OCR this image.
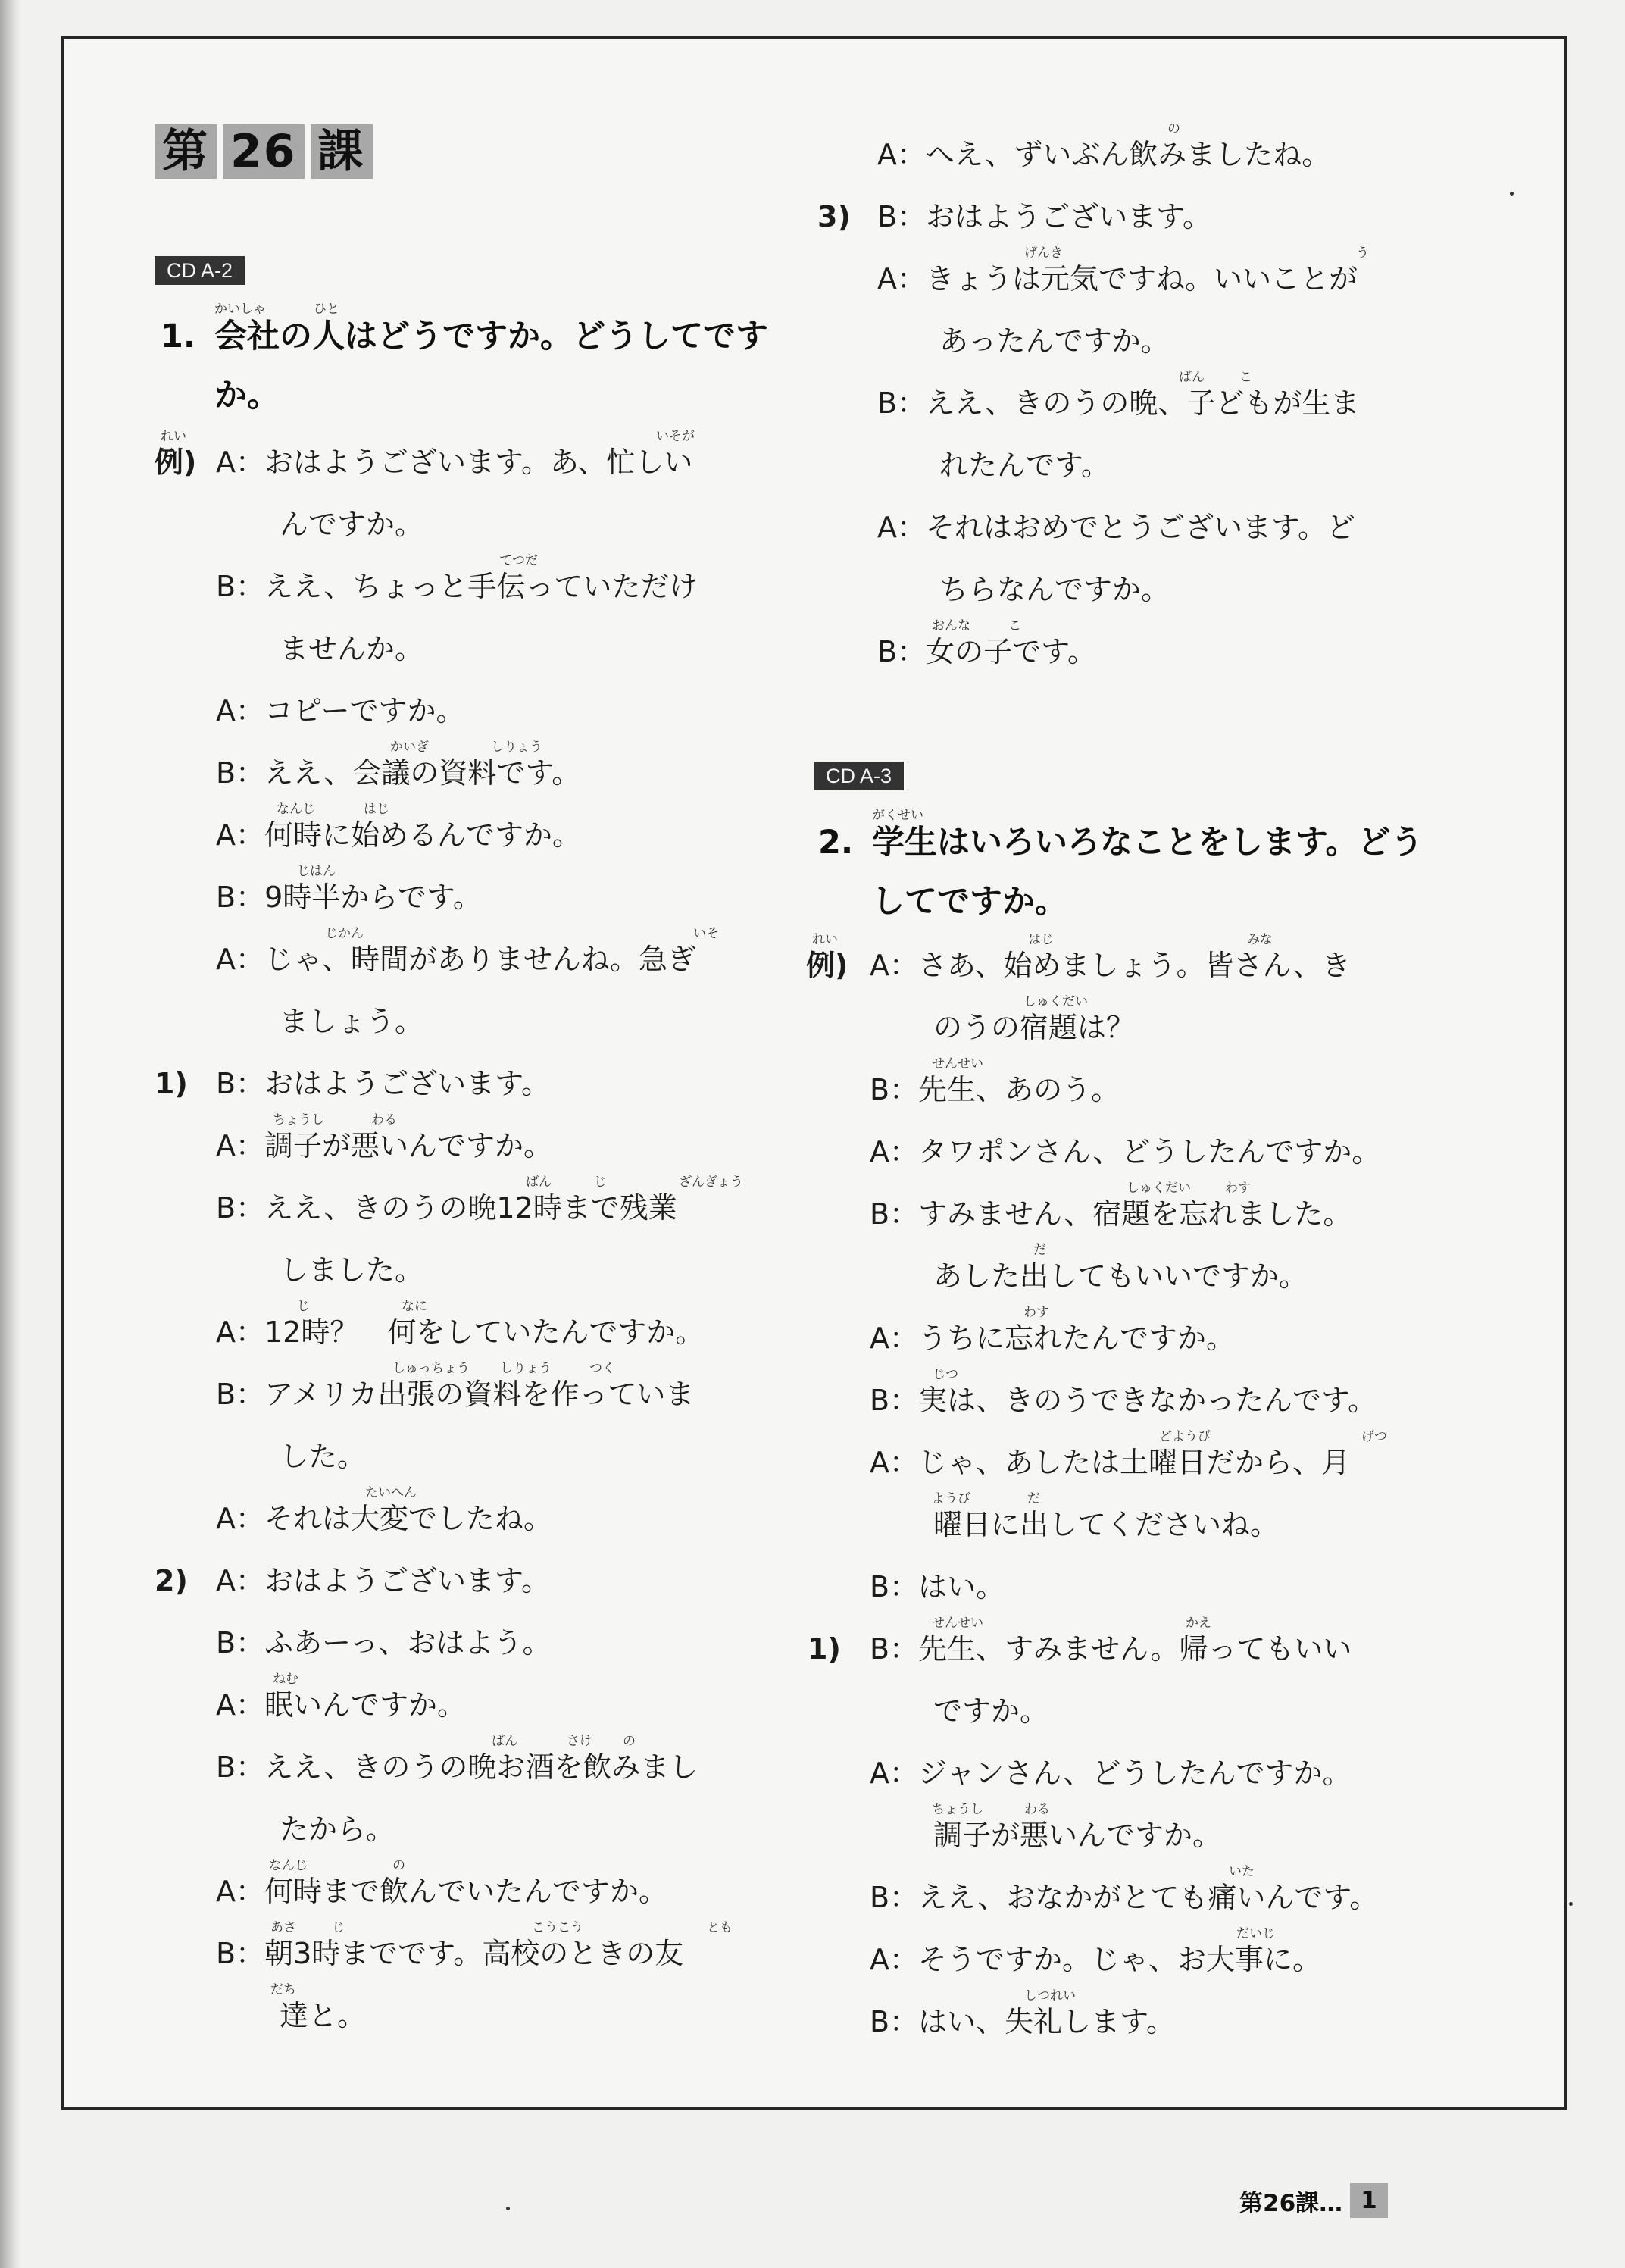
第 26 課
CD A-2
かいしゃ	ひと
1. 会社の人はどうですか。どうしてです
か。
れい
例)
いそが
A：おはようございます。あ、忙しい
んですか。
てつだ
B：ええ、ちょっと手伝っていただけ
ませんか。
A：コピーですか。
かいぎ	しりょう
B：ええ、会議の資料です。
なんじ	はじ
A：何時に始めるんですか。
じはん
B：9時半からです。
じかん	いそ
A：じゃ、時間がありませんね。急ぎ
ましょう。
1) B：おはようございます。
ちょうし	わる
A：調子が悪いんですか。
ばん	じ	ざんぎょう
B：ええ、きのうの晩12時まで残業
しました。
じ	なに
A：12時？　何をしていたんですか。
しゅっちょう しりょう	つく
B：アメリカ出張の資料を作っていま
した。
たいへん
A：それは大変でしたね。
2) A：おはようございます。
B：ふあーっ、おはよう。
ねむ
A：眠いんですか。
ばん	さけ の
B：ええ、きのうの晩お酒を飲みまし
たから。
なんじ	の
A：何時まで飲んでいたんですか。
あさ	じ	こうこう	とも
B：朝3時までです。高校のときの友
だち
達と。
の
A：へえ、ずいぶん飲みましたね。
3) B：おはようございます。
げんき	う
A：きょうは元気ですね。いいことが
あったんですか。
ばん	こ
B：ええ、きのうの晩、子どもが生ま
れたんです。
A：それはおめでとうございます。ど
ちらなんですか。
おんな	こ
B：女の子です。
CD A-3
がくせい
2. 学生はいろいろなことをします。どう
してですか。
れい
例)
はじ	みな
A：さあ、始めましょう。皆さん、き
しゅくだい
のうの宿題は？
せんせい
B：先生、あのう。
A：タワポンさん、どうしたんですか。
しゅくだい	わす
B：すみません、宿題を忘れました。
だ
あした出してもいいですか。
わす
A：うちに忘れたんですか。
じつ
B：実は、きのうできなかったんです。
どようび	げつ
A：じゃ、あしたは土曜日だから、月
ようび	だ
曜日に出してくださいね。
B：はい。
1)
せんせい	かえ
B：先生、すみません。帰ってもいい
ですか。
A：ジャンさん、どうしたんですか。
ちょうし	わる
調子が悪いんですか。
いた
B：ええ、おなかがとても痛いんです。
だいじ
A：そうですか。じゃ、お大事に。
しつれい
B：はい、失礼します。
第26課… 1
